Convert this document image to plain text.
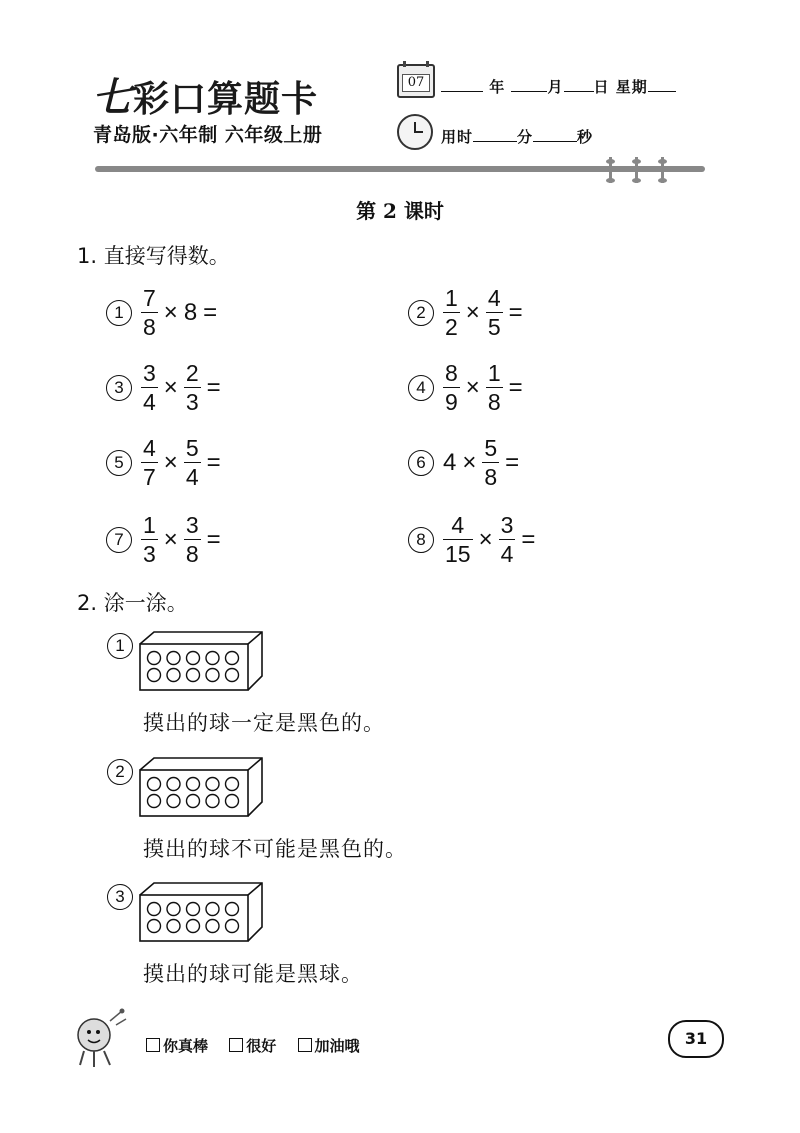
七彩口算题卡
青岛版·六年制 六年级上册
07	年	月 日 星期
用时	分	秒
第 2 课时
1. 直接写得数。
$1 \frac{7}{8} \times 8$ =	$2 \frac{1}{2} \times \frac{4}{5}$ =
$3 \frac{3}{4} \times \frac{2}{3}$ =	$4 \frac{8}{9} \times \frac{1}{8}$ =
$5 \frac{4}{7} \times \frac{5}{4}$ =	6 $4 \times \frac{5}{8}$ =
$7 \frac{1}{3} \times \frac{3}{8}$ =	$8 \frac{4}{15} \times \frac{3}{4}$ =
2. 涂一涂。
1
摸出的球一定是黑色的。
2
摸出的球不可能是黑色的。
3
摸出的球可能是黑球。
你真棒	很好	加油哦	31
